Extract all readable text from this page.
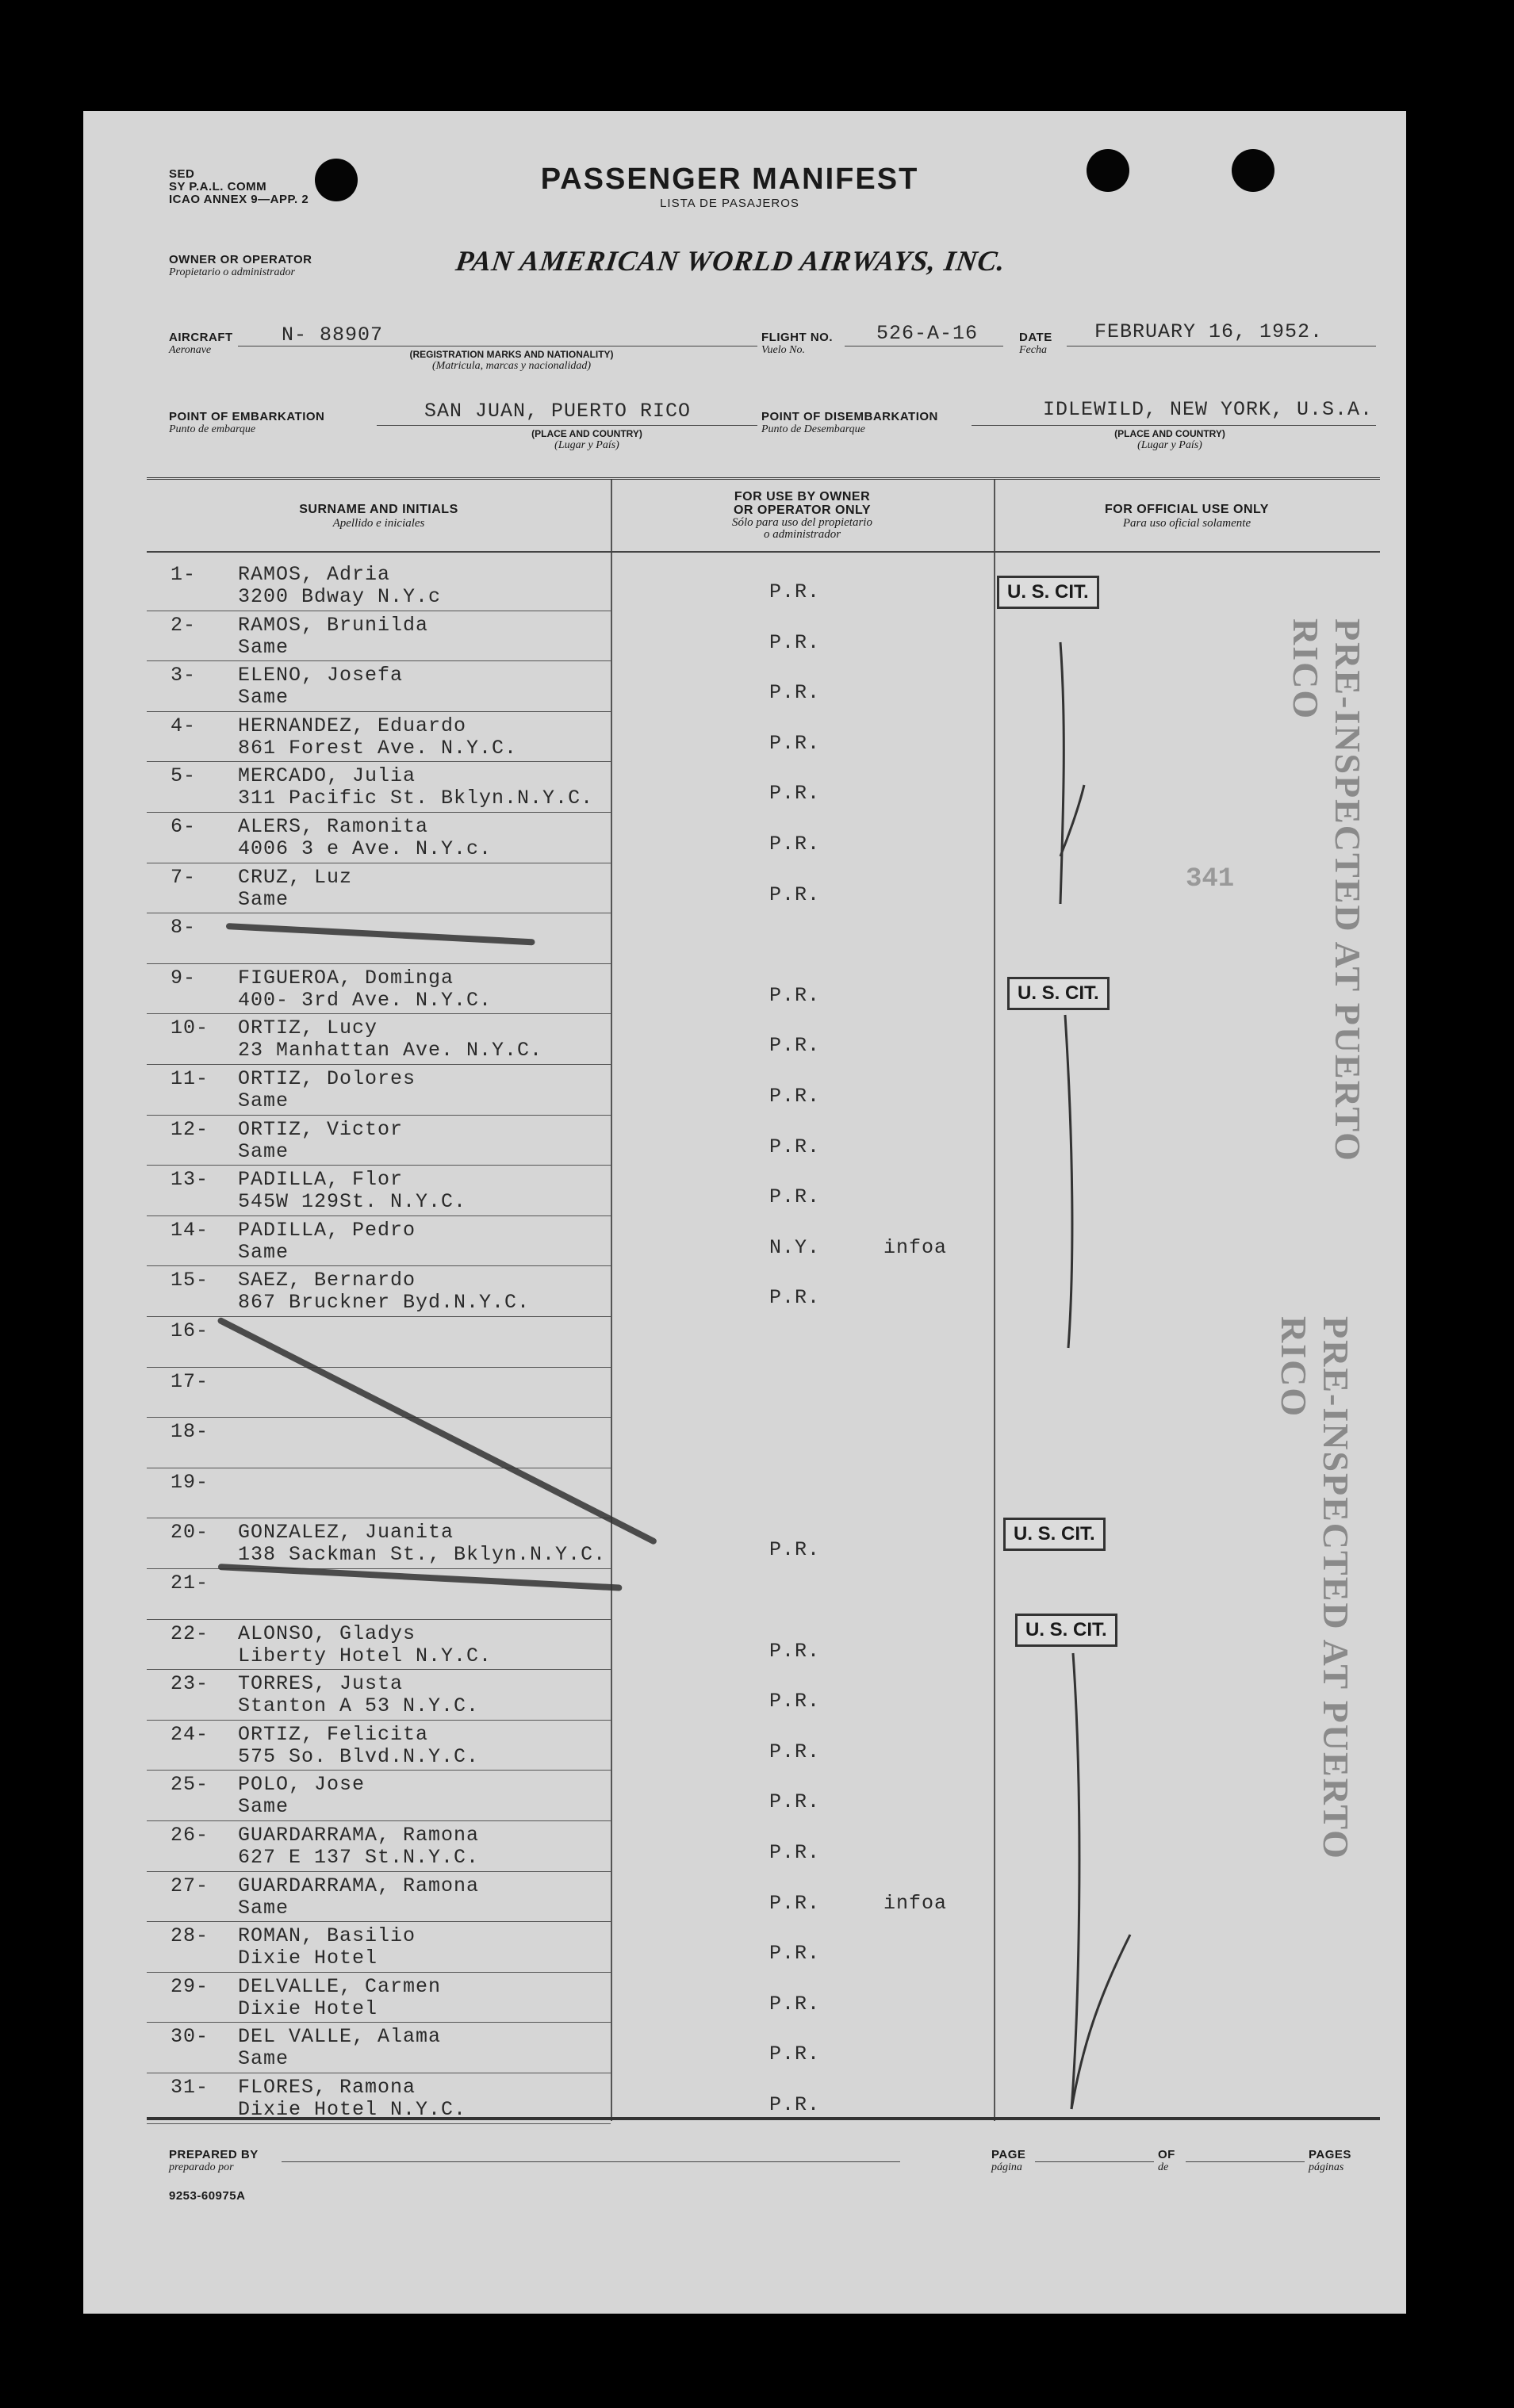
SED
SY P.A.L. COMM
ICAO ANNEX 9—APP. 2
PASSENGER MANIFEST
LISTA DE PASAJEROS
OWNER OR OPERATOR
Propietario o administrador	PAN AMERICAN WORLD AIRWAYS, INC.
AIRCRAFT
Aeronave
N- 88907
(REGISTRATION MARKS AND NATIONALITY)
(Matricula, marcas y nacionalidad)
FLIGHT NO.
Vuelo No.
526-A-16	DATE
Fecha
FEBRUARY 16, 1952.
POINT OF EMBARKATION
Punto de embarque
SAN JUAN, PUERTO RICO
(PLACE AND COUNTRY)
(Lugar y País)
POINT OF DISEMBARKATION
Punto de Desembarque
IDLEWILD, NEW YORK, U.S.A.
(PLACE AND COUNTRY)
(Lugar y País)
SURNAME AND INITIALS
Apellido e iniciales
FOR USE BY OWNER
OR OPERATOR ONLY
Sólo para uso del propietario
o administrador
FOR OFFICIAL USE ONLY
Para uso oficial solamente
1-	RAMOS, Adria
3200 Bdway N.Y.c	P.R.
2-	RAMOS, Brunilda
Same	P.R.
3-	ELENO, Josefa
Same	P.R.
4-	HERNANDEZ, Eduardo
861 Forest Ave. N.Y.C.	P.R.
5-	MERCADO, Julia
311 Pacific St. Bklyn.N.Y.C.	P.R.
6-	ALERS, Ramonita
4006 3 e Ave. N.Y.c.	P.R.
7-	CRUZ, Luz
Same	P.R.
8-
9-	FIGUEROA, Dominga
400- 3rd Ave. N.Y.C.	P.R.
10-	ORTIZ, Lucy
23 Manhattan Ave. N.Y.C.	P.R.
11-	ORTIZ, Dolores
Same	P.R.
12-	ORTIZ, Victor
Same	P.R.
13-	PADILLA, Flor
545W 129St. N.Y.C.	P.R.
14-	PADILLA, Pedro
Same	N.Y.     infoa
15-	SAEZ, Bernardo
867 Bruckner Byd.N.Y.C.	P.R.
16-
17-
18-
19-
20-	GONZALEZ, Juanita
138 Sackman St., Bklyn.N.Y.C.	P.R.
21-
22-	ALONSO, Gladys
Liberty Hotel N.Y.C.	P.R.
23-	TORRES, Justa
Stanton A 53 N.Y.C.	P.R.
24-	ORTIZ, Felicita
575 So. Blvd.N.Y.C.	P.R.
25-	POLO, Jose
Same	P.R.
26-	GUARDARRAMA, Ramona
627 E 137 St.N.Y.C.	P.R.
27-	GUARDARRAMA, Ramona
Same	P.R.     infoa
28-	ROMAN, Basilio
Dixie Hotel	P.R.
29-	DELVALLE, Carmen
Dixie Hotel	P.R.
30-	DEL VALLE, Alama
Same	P.R.
31-	FLORES, Ramona
Dixie Hotel N.Y.C.	P.R.
U. S. CIT.
U. S. CIT.
U. S. CIT.
U. S. CIT.
PRE-INSPECTED AT PUERTO RICO
PRE-INSPECTED AT PUERTO RICO
341
PREPARED BY
preparado por
PAGE
página
OF
de
PAGES
páginas
9253-60975A
